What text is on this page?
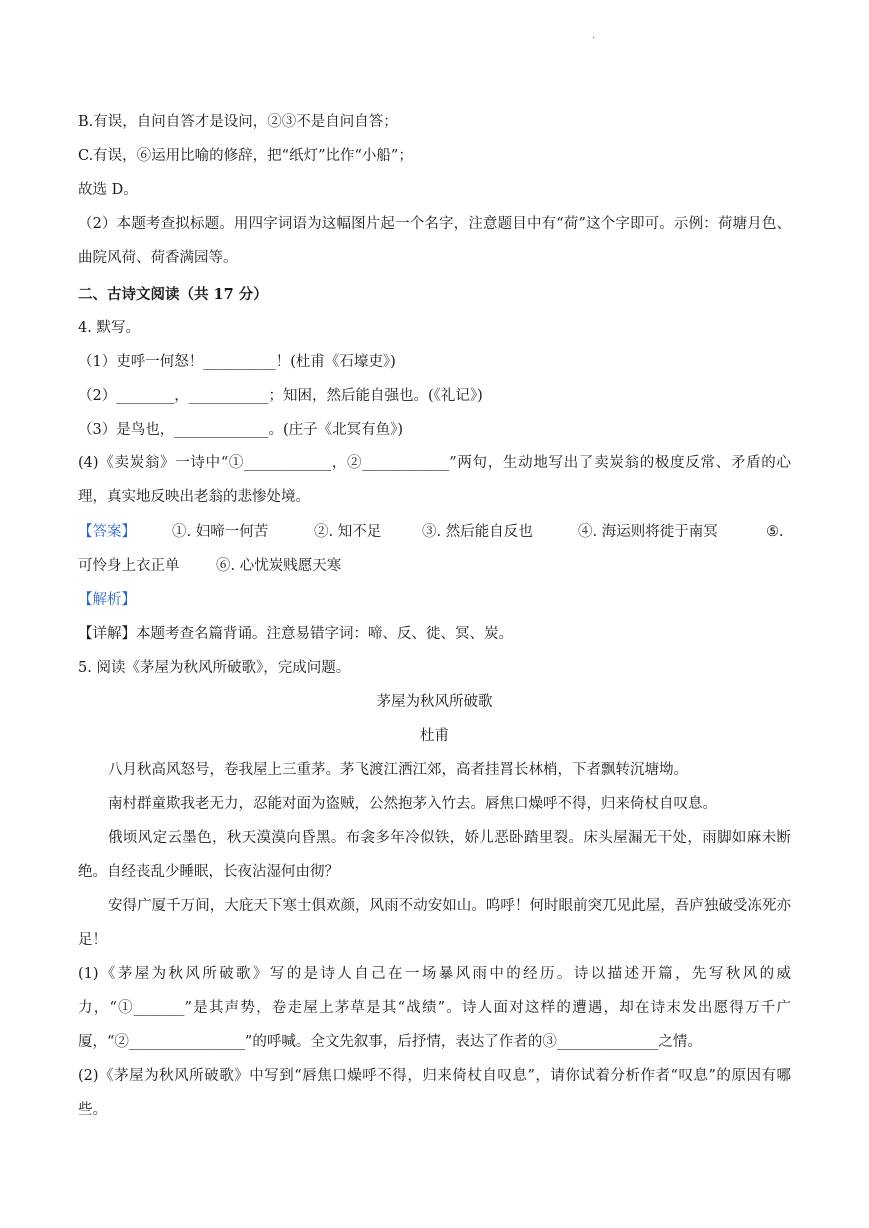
.
B.有误，自问自答才是设问，②③不是自问自答；
C.有误，⑥运用比喻的修辞，把“纸灯”比作“小船”；
故选 D。
（2）本题考查拟标题。用四字词语为这幅图片起一个名字，注意题目中有“荷”这个字即可。示例：荷塘月色、曲院风荷、荷香满园等。
二、古诗文阅读（共 17 分）
4. 默写。
（1）吏呼一何怒！__________！(杜甫《石壕吏》)
（2）________，___________；知困，然后能自强也。(《礼记》)
（3）是鸟也，_____________。(庄子《北冥有鱼》)
(4)《卖炭翁》一诗中“①____________，②____________”两句，生动地写出了卖炭翁的极度反常、矛盾的心理，真实地反映出老翁的悲惨处境。
【答案】 ①. 妇啼一何苦	②. 知不足	③. 然后能自反也	④. 海运则将徙于南冥	⑤.
可怜身上衣正单	⑥. 心忧炭贱愿天寒
【解析】
【详解】本题考查名篇背诵。注意易错字词：啼、反、徙、冥、炭。
5. 阅读《茅屋为秋风所破歌》，完成问题。
茅屋为秋风所破歌
杜甫
八月秋高风怒号，卷我屋上三重茅。茅飞渡江洒江郊，高者挂罥长林梢，下者飘转沉塘坳。
南村群童欺我老无力，忍能对面为盗贼，公然抱茅入竹去。唇焦口燥呼不得，归来倚杖自叹息。
俄顷风定云墨色，秋天漠漠向昏黑。布衾多年冷似铁，娇儿恶卧踏里裂。床头屋漏无干处，雨脚如麻未断绝。自经丧乱少睡眠，长夜沾湿何由彻？
安得广厦千万间，大庇天下寒士俱欢颜，风雨不动安如山。呜呼！何时眼前突兀见此屋，吾庐独破受冻死亦足！
(1)《茅屋为秋风所破歌》写的是诗人自己在一场暴风雨中的经历。诗以描述开篇，先写秋风的威力，“①_______”是其声势，卷走屋上茅草是其“战绩”。诗人面对这样的遭遇，却在诗末发出愿得万千广厦，“②________________”的呼喊。全文先叙事，后抒情，表达了作者的③______________之情。
(2)《茅屋为秋风所破歌》中写到“唇焦口燥呼不得，归来倚杖自叹息”，请你试着分析作者“叹息”的原因有哪些。
